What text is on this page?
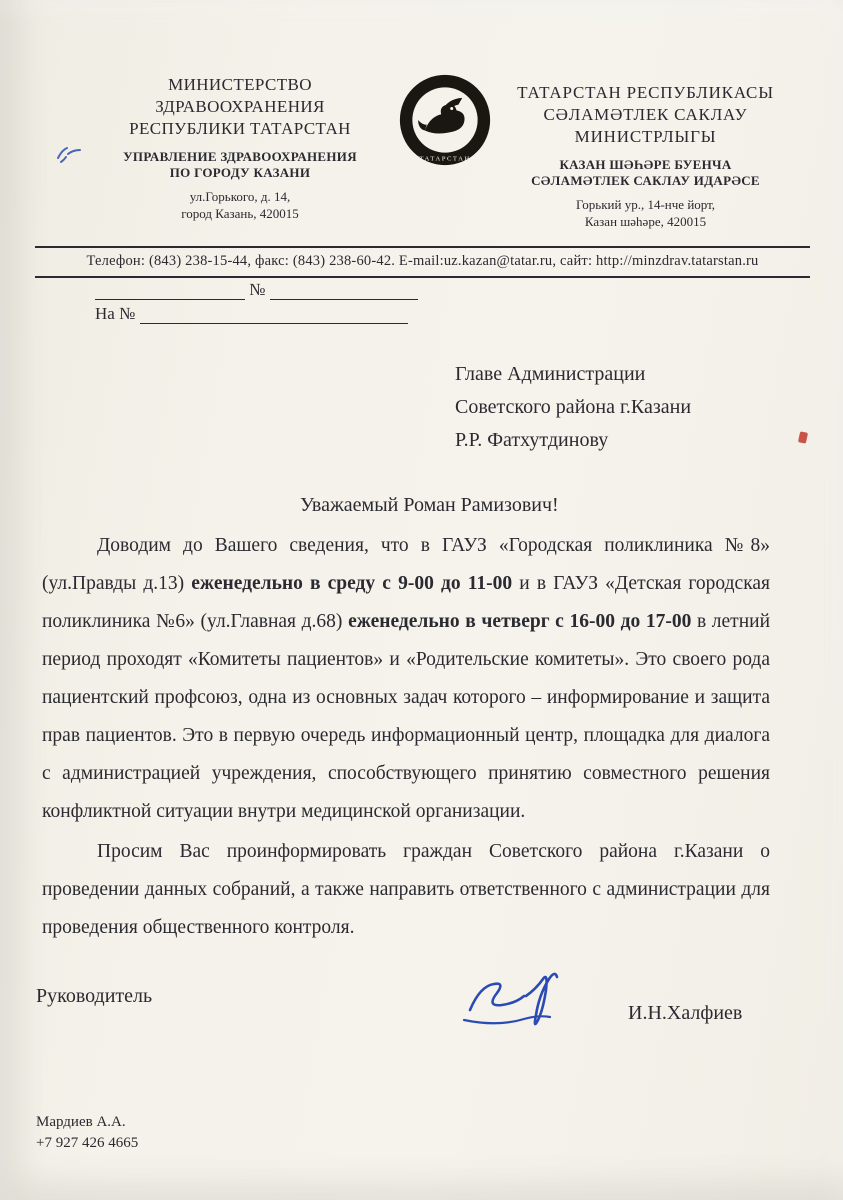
МИНИСТЕРСТВО
ЗДРАВООХРАНЕНИЯ
РЕСПУБЛИКИ ТАТАРСТАН
УПРАВЛЕНИЕ ЗДРАВООХРАНЕНИЯ
ПО ГОРОДУ КАЗАНИ
ул.Горького, д. 14,
город Казань, 420015
ТАТАРСТАН
ТАТАРСТАН РЕСПУБЛИКАСЫ
СӘЛАМӘТЛЕК САКЛАУ
МИНИСТРЛЫГЫ
КАЗАН ШӘҺӘРЕ БУЕНЧА
СӘЛАМӘТЛЕК САКЛАУ ИДАРӘСЕ
Горький ур., 14-нче йорт,
Казан шәһәре, 420015
Телефон: (843) 238-15-44, факс: (843) 238-60-42. E-mail:uz.kazan@tatar.ru, сайт: http://minzdrav.tatarstan.ru
№
На №
Главе Администрации
Советского района г.Казани
Р.Р. Фатхутдинову
Уважаемый Роман Рамизович!

Доводим до Вашего сведения, что в ГАУЗ «Городская поликлиника №8» (ул.Правды д.13) еженедельно в среду с 9-00 до 11-00 и в ГАУЗ «Детская городская поликлиника №6» (ул.Главная д.68) еженедельно в четверг с 16-00 до 17-00 в летний период проходят «Комитеты пациентов» и «Родительские комитеты». Это своего рода пациентский профсоюз, одна из основных задач которого – информирование и защита прав пациентов. Это в первую очередь информационный центр, площадка для диалога с администрацией учреждения, способствующего принятию совместного решения конфликтной ситуации внутри медицинской организации.

Просим Вас проинформировать граждан Советского района г.Казани о проведении данных собраний, а также направить ответственного с администрации для проведения общественного контроля.

Руководитель
И.Н.Халфиев
Мардиев А.А.
+7 927 426 4665
